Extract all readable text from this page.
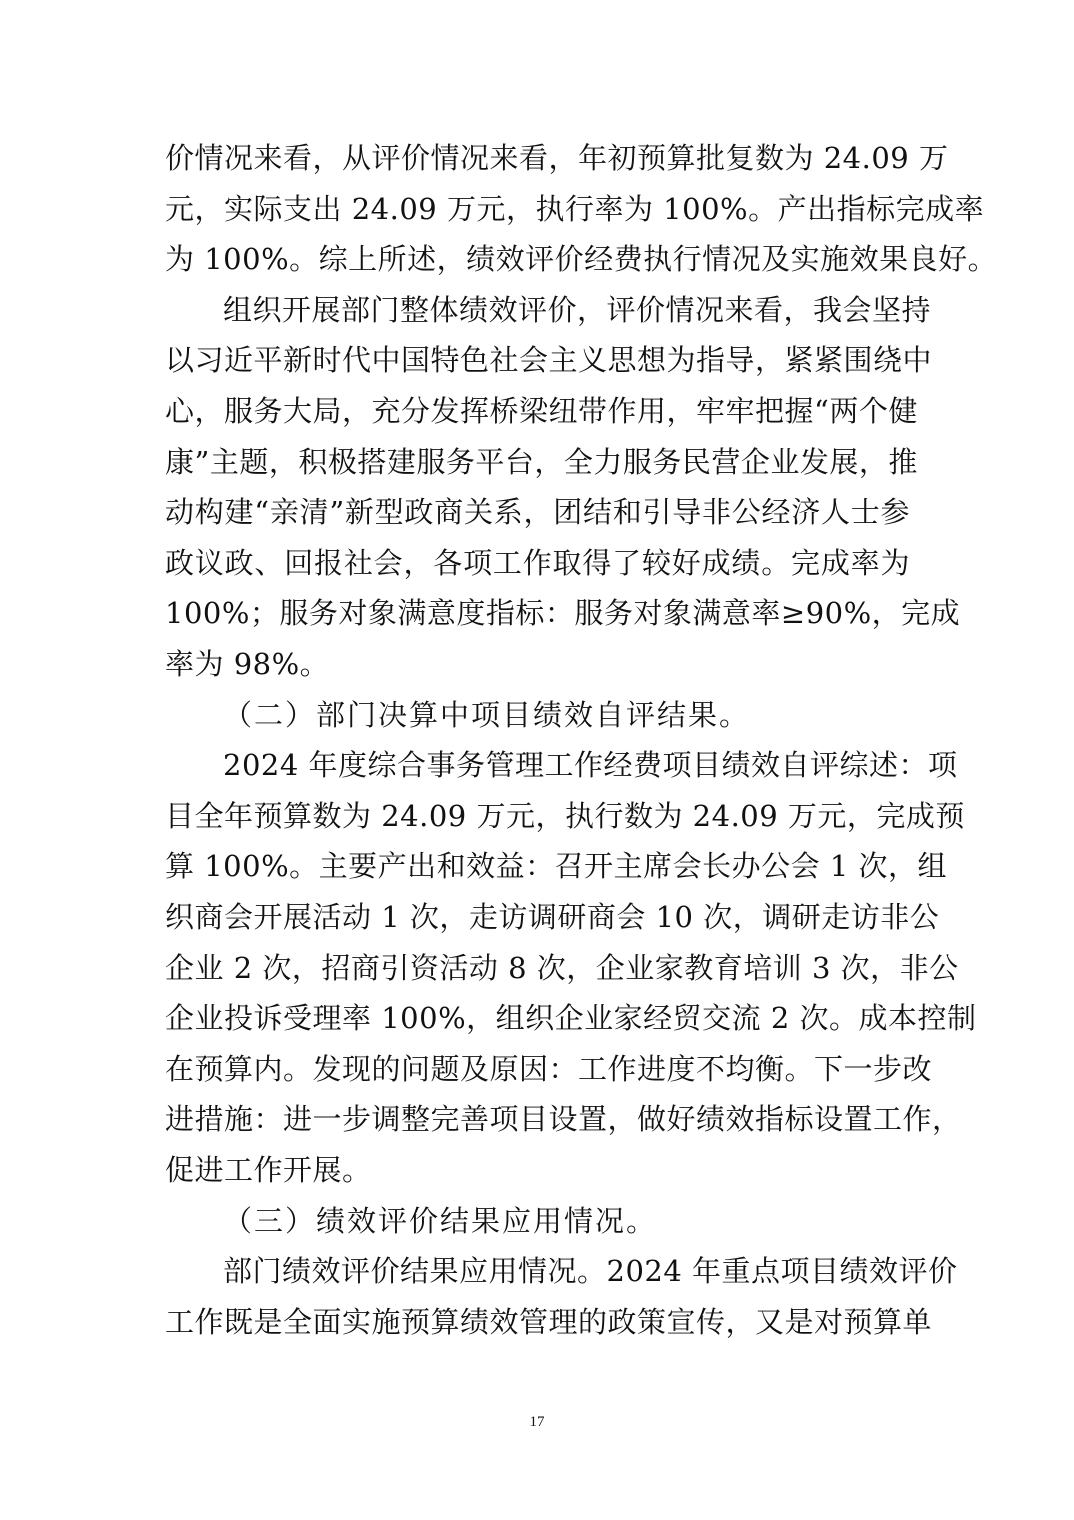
价情况来看，从评价情况来看，年初预算批复数为 24.09 万
元，实际支出 24.09 万元，执行率为 100%。产出指标完成率
为 100%。综上所述，绩效评价经费执行情况及实施效果良好。
组织开展部门整体绩效评价，评价情况来看，我会坚持
以习近平新时代中国特色社会主义思想为指导，紧紧围绕中
心，服务大局，充分发挥桥梁纽带作用，牢牢把握“两个健
康”主题，积极搭建服务平台，全力服务民营企业发展，推
动构建“亲清”新型政商关系，团结和引导非公经济人士参
政议政、回报社会，各项工作取得了较好成绩。完成率为
100%；服务对象满意度指标：服务对象满意率≥90%，完成
率为 98%。
（二）部门决算中项目绩效自评结果。
2024 年度综合事务管理工作经费项目绩效自评综述：项
目全年预算数为 24.09 万元，执行数为 24.09 万元，完成预
算 100%。主要产出和效益：召开主席会长办公会 1 次，组
织商会开展活动 1 次，走访调研商会 10 次，调研走访非公
企业 2 次，招商引资活动 8 次，企业家教育培训 3 次，非公
企业投诉受理率 100%，组织企业家经贸交流 2 次。成本控制
在预算内。发现的问题及原因：工作进度不均衡。下一步改
进措施：进一步调整完善项目设置，做好绩效指标设置工作，
促进工作开展。
（三）绩效评价结果应用情况。
17
部门绩效评价结果应用情况。2024 年重点项目绩效评价
工作既是全面实施预算绩效管理的政策宣传，又是对预算单
